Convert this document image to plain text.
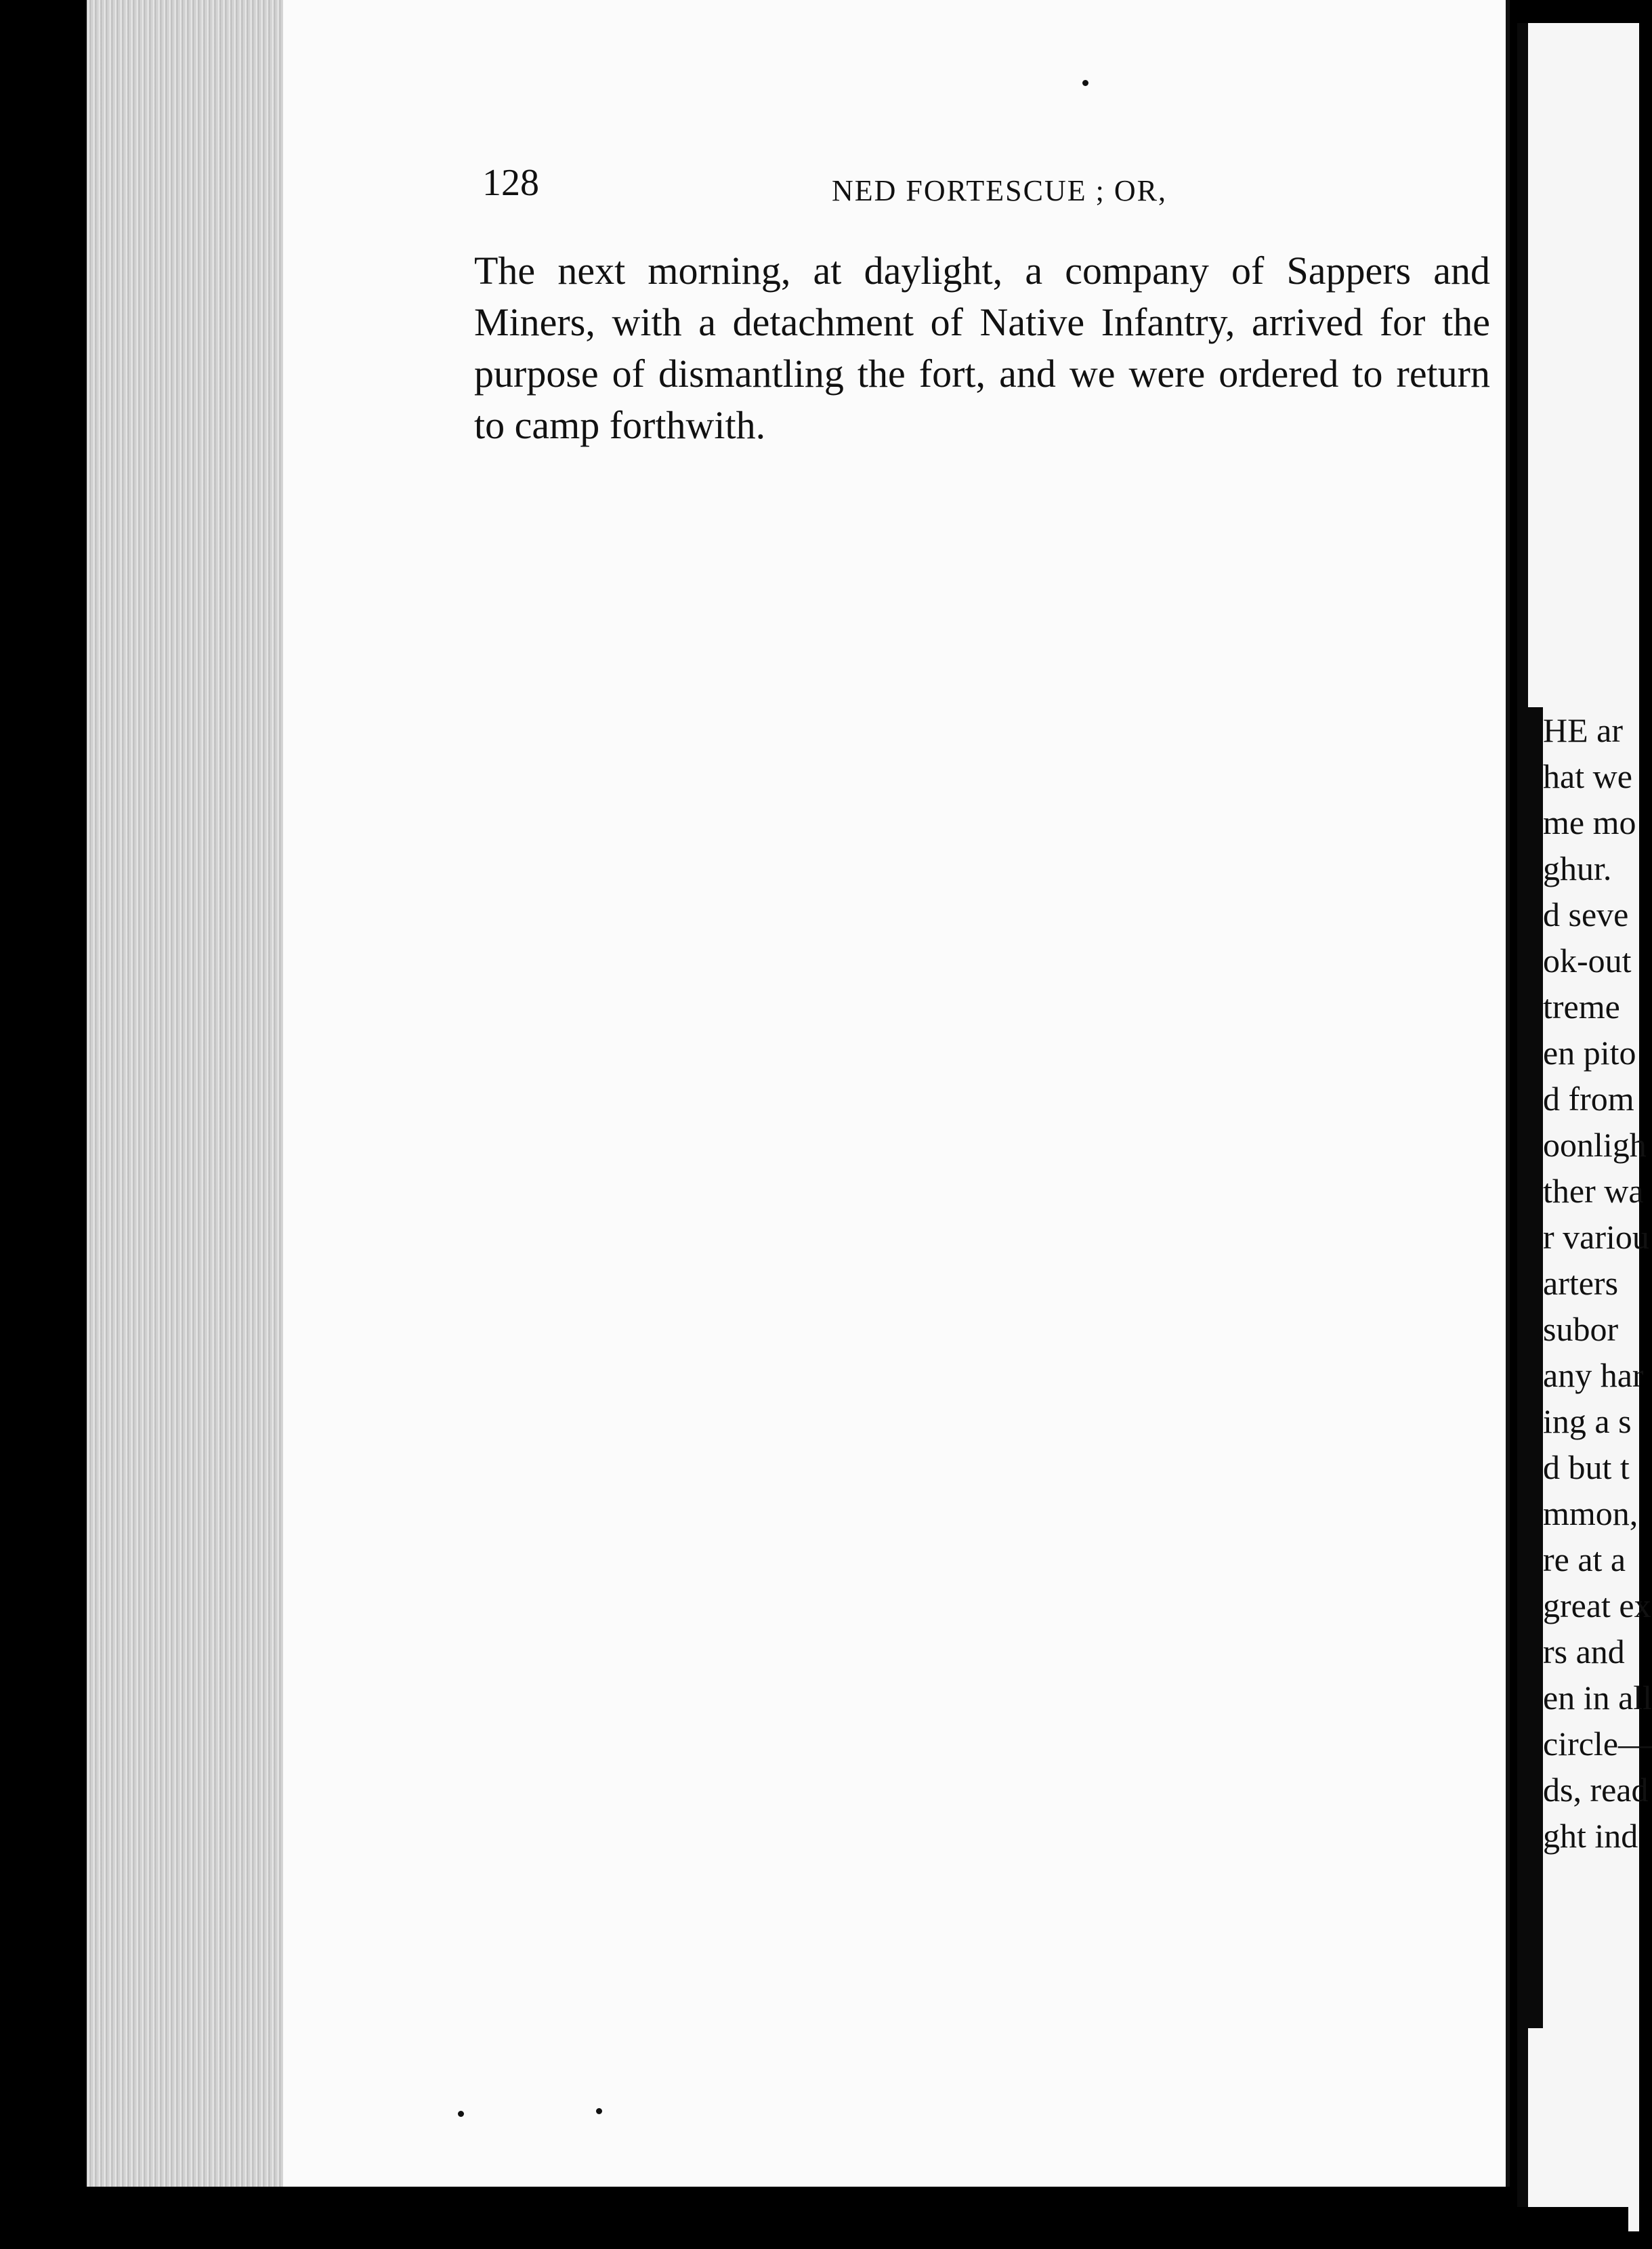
128	NED FORTESCUE ; OR,

The next morning, at daylight, a company of Sappers and Miners, with a detachment of Native Infantry, arrived for the purpose of dismantling the fort, and we were ordered to return to camp forthwith.

HE ar
hat we
me mo
ghur.
d seve
ok-out
treme
en pito
d from
oonligh
ther wa
r variou
arters
subor
any har
ing a s
d but t
mmon,
re at a
great ex
rs and
en in all
circle—
ds, read
ght ind
